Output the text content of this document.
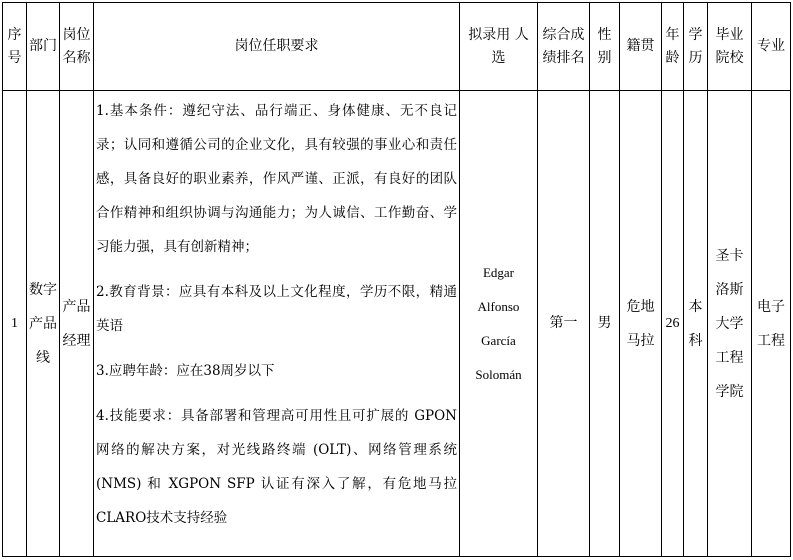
序号	部门	岗位名称	岗位任职要求	拟录用 人选	综合成绩排名	性别	籍贯	年龄	学历	毕业院校	专业
1	数字产品线	产品经理	1.基本条件：遵纪守法、品行端正、身体健康、无不良记录；认同和遵循公司的企业文化，具有较强的事业心和责任感，具备良好的职业素养，作风严谨、正派，有良好的团队合作精神和组织协调与沟通能力；为人诚信、工作勤奋、学习能力强，具有创新精神；

2.教育背景：应具有本科及以上文化程度，学历不限，精通英语

3.应聘年龄：应在38周岁以下

4.技能要求：具备部署和管理高可用性且可扩展的 GPON 网络的解决方案，对光线路终端 (OLT)、网络管理系统 (NMS) 和 XGPON SFP 认证有深入了解，有危地马拉CLARO技术支持经验	Edgar Alfonso García Solomán	第一	男	危地马拉	26	本科	圣卡洛斯大学工程学院	电子工程
